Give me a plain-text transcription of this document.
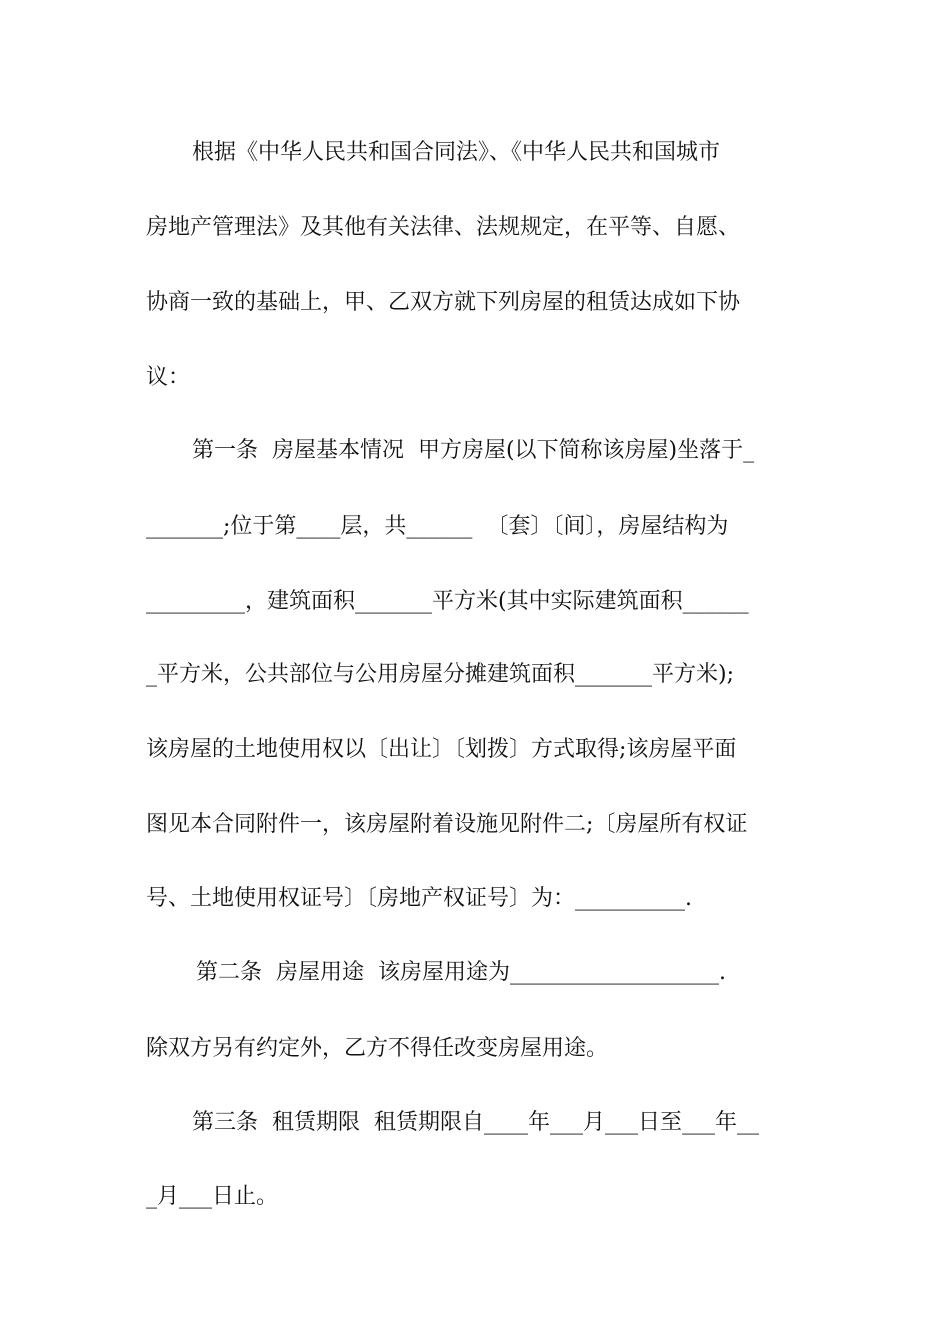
根据《中华人民共和国合同法》、《中华人民共和国城市
房地产管理法》及其他有关法律、法规规定，在平等、自愿、
协商一致的基础上，甲、乙双方就下列房屋的租赁达成如下协
议：
第一条  房屋基本情况  甲方房屋(以下简称该房屋)坐落于_
_______;位于第____层，共______  〔套〕〔间〕，房屋结构为
_________，建筑面积_______平方米(其中实际建筑面积______
_平方米，公共部位与公用房屋分摊建筑面积_______平方米);
该房屋的土地使用权以〔出让〕〔划拨〕方式取得;该房屋平面
图见本合同附件一，该房屋附着设施见附件二;〔房屋所有权证
号、土地使用权证号〕〔房地产权证号〕为：__________.
第二条  房屋用途  该房屋用途为___________________.
除双方另有约定外，乙方不得任改变房屋用途。
第三条  租赁期限  租赁期限自____年___月___日至___年__
_月___日止。
